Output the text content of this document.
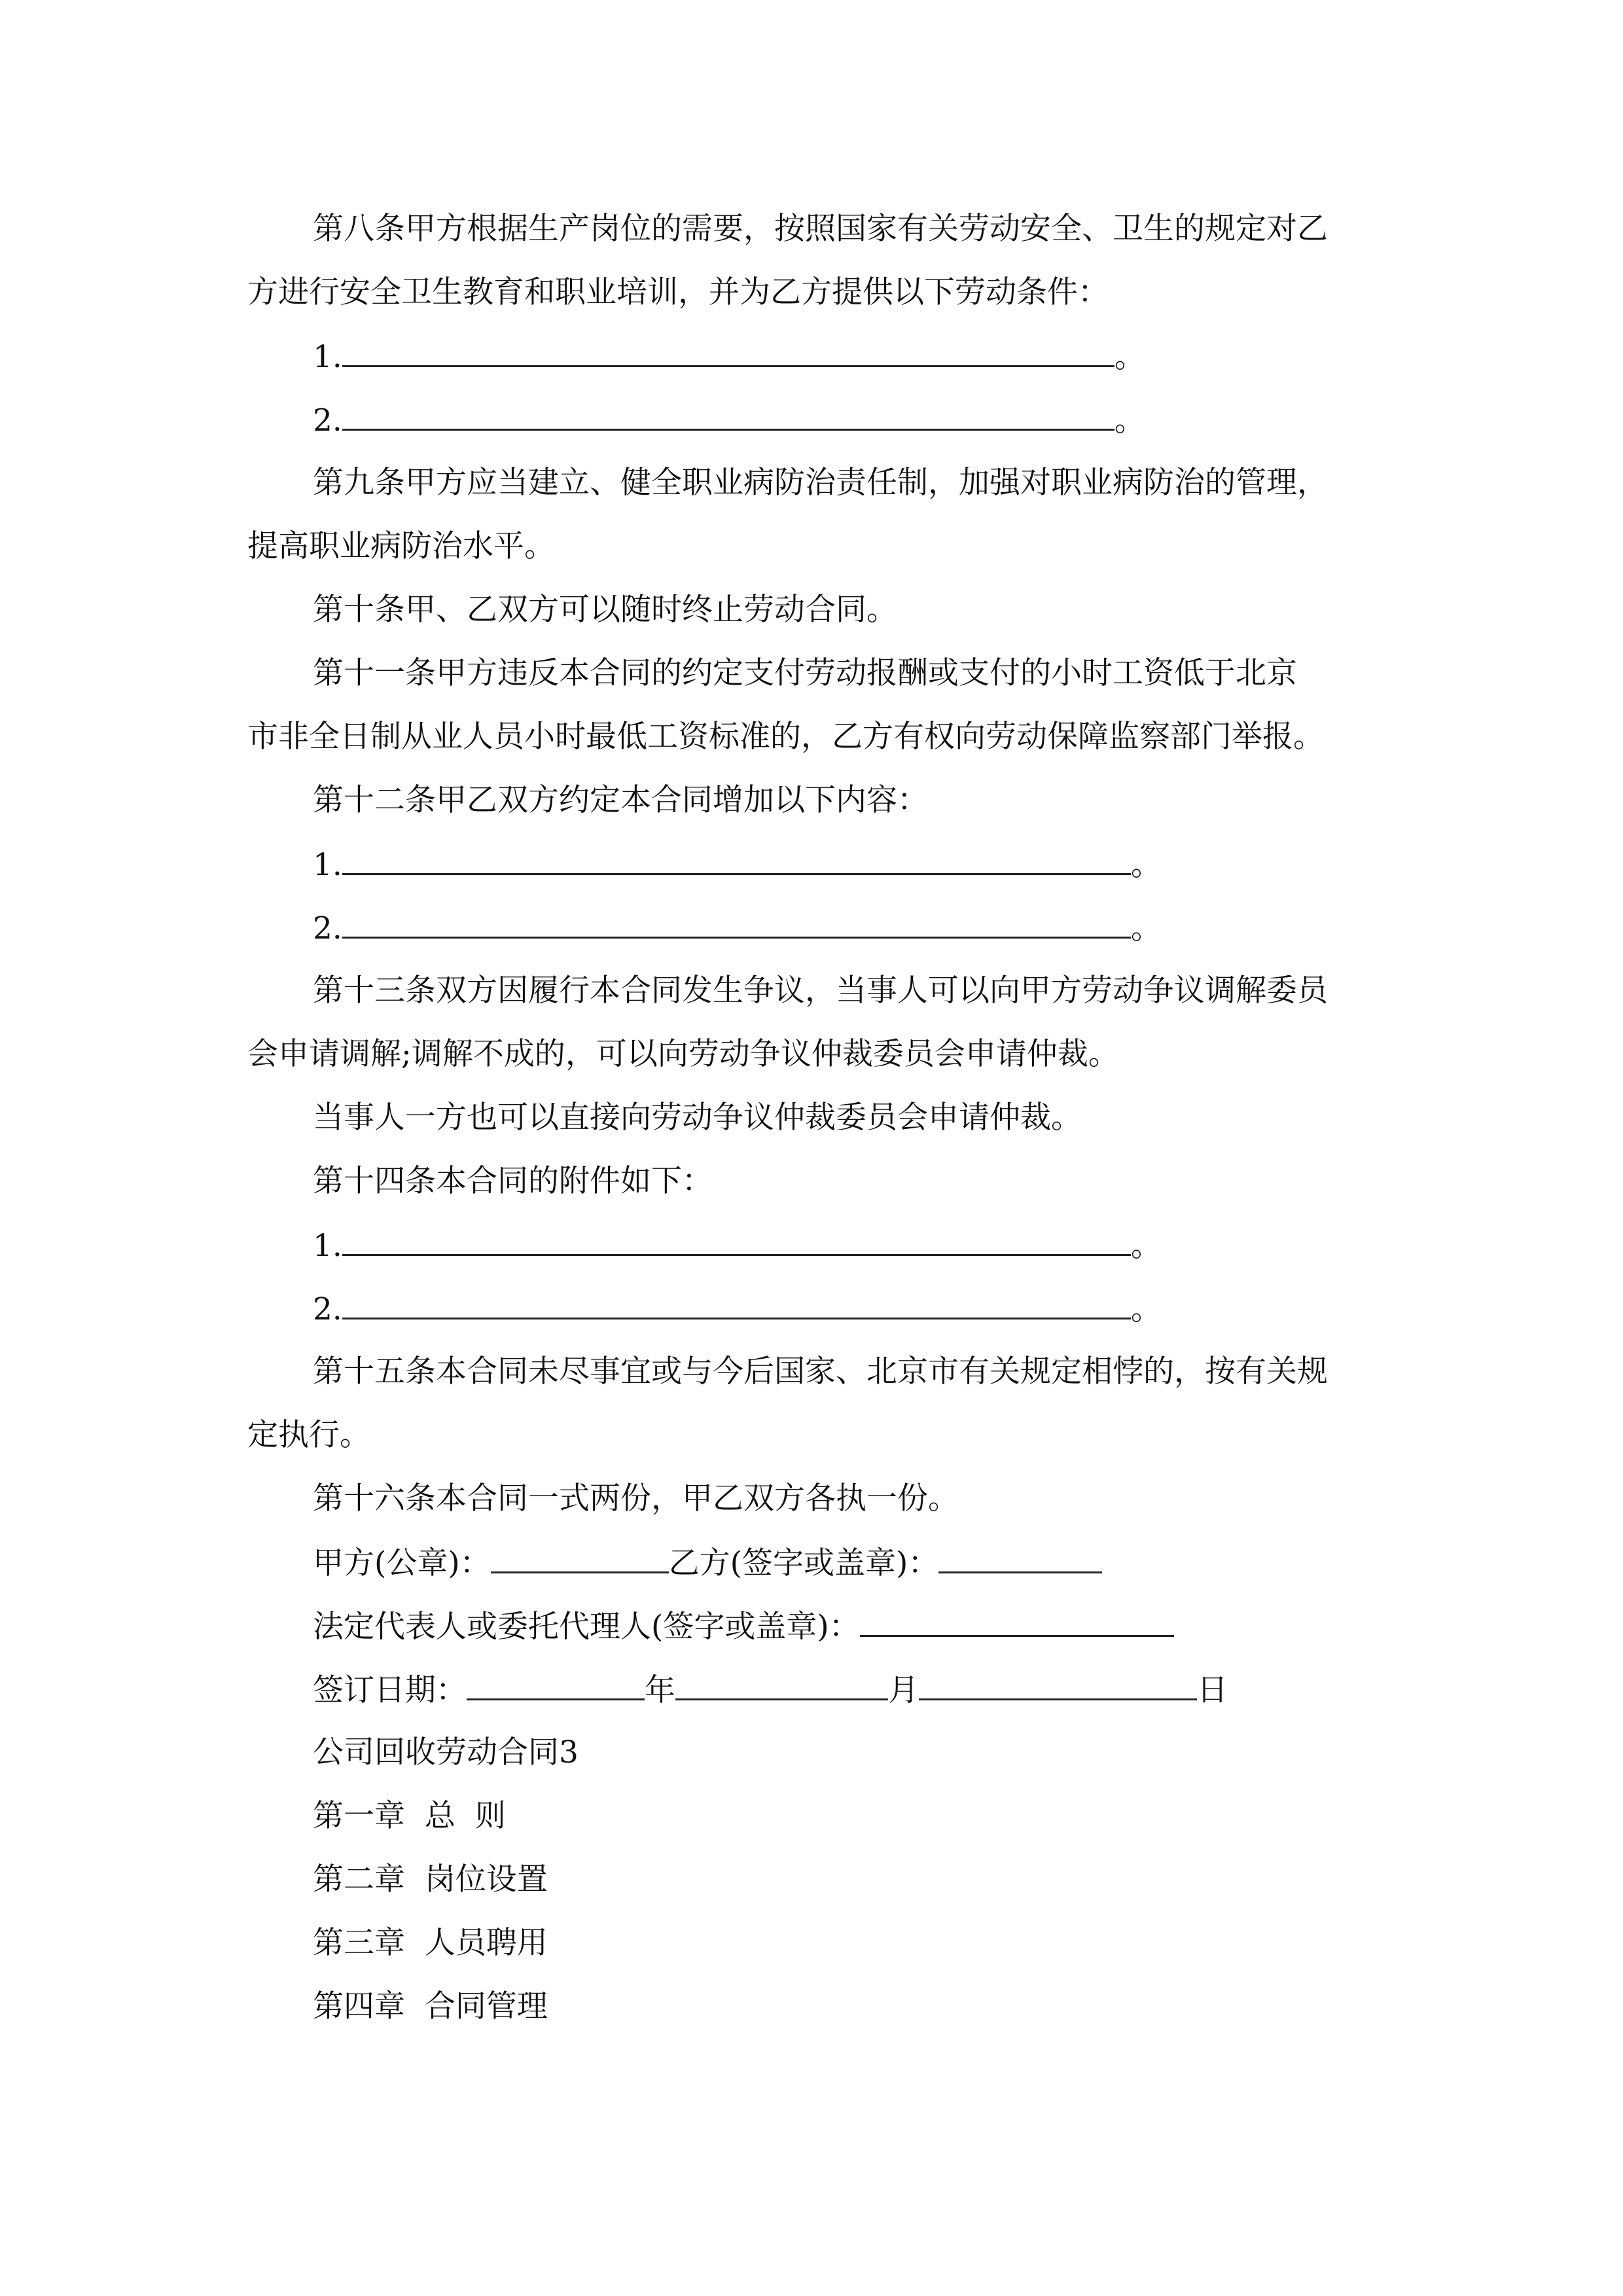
第八条甲方根据生产岗位的需要，按照国家有关劳动安全、卫生的规定对乙
方进行安全卫生教育和职业培训，并为乙方提供以下劳动条件：
1.	。
2.	。
第九条甲方应当建立、健全职业病防治责任制，加强对职业病防治的管理，
提高职业病防治水平。
第十条甲、乙双方可以随时终止劳动合同。
第十一条甲方违反本合同的约定支付劳动报酬或支付的小时工资低于北京
市非全日制从业人员小时最低工资标准的，乙方有权向劳动保障监察部门举报。
第十二条甲乙双方约定本合同增加以下内容：
1.	。
2.	。
第十三条双方因履行本合同发生争议，当事人可以向甲方劳动争议调解委员
会申请调解;调解不成的，可以向劳动争议仲裁委员会申请仲裁。
当事人一方也可以直接向劳动争议仲裁委员会申请仲裁。
第十四条本合同的附件如下：
1.	。
2.	。
第十五条本合同未尽事宜或与今后国家、北京市有关规定相悖的，按有关规
定执行。
第十六条本合同一式两份，甲乙双方各执一份。
甲方(公章)：	乙方(签字或盖章)：
法定代表人或委托代理人(签字或盖章)：
签订日期：	年	月	日
公司回收劳动合同3
第一章  总  则
第二章  岗位设置
第三章  人员聘用
第四章  合同管理
